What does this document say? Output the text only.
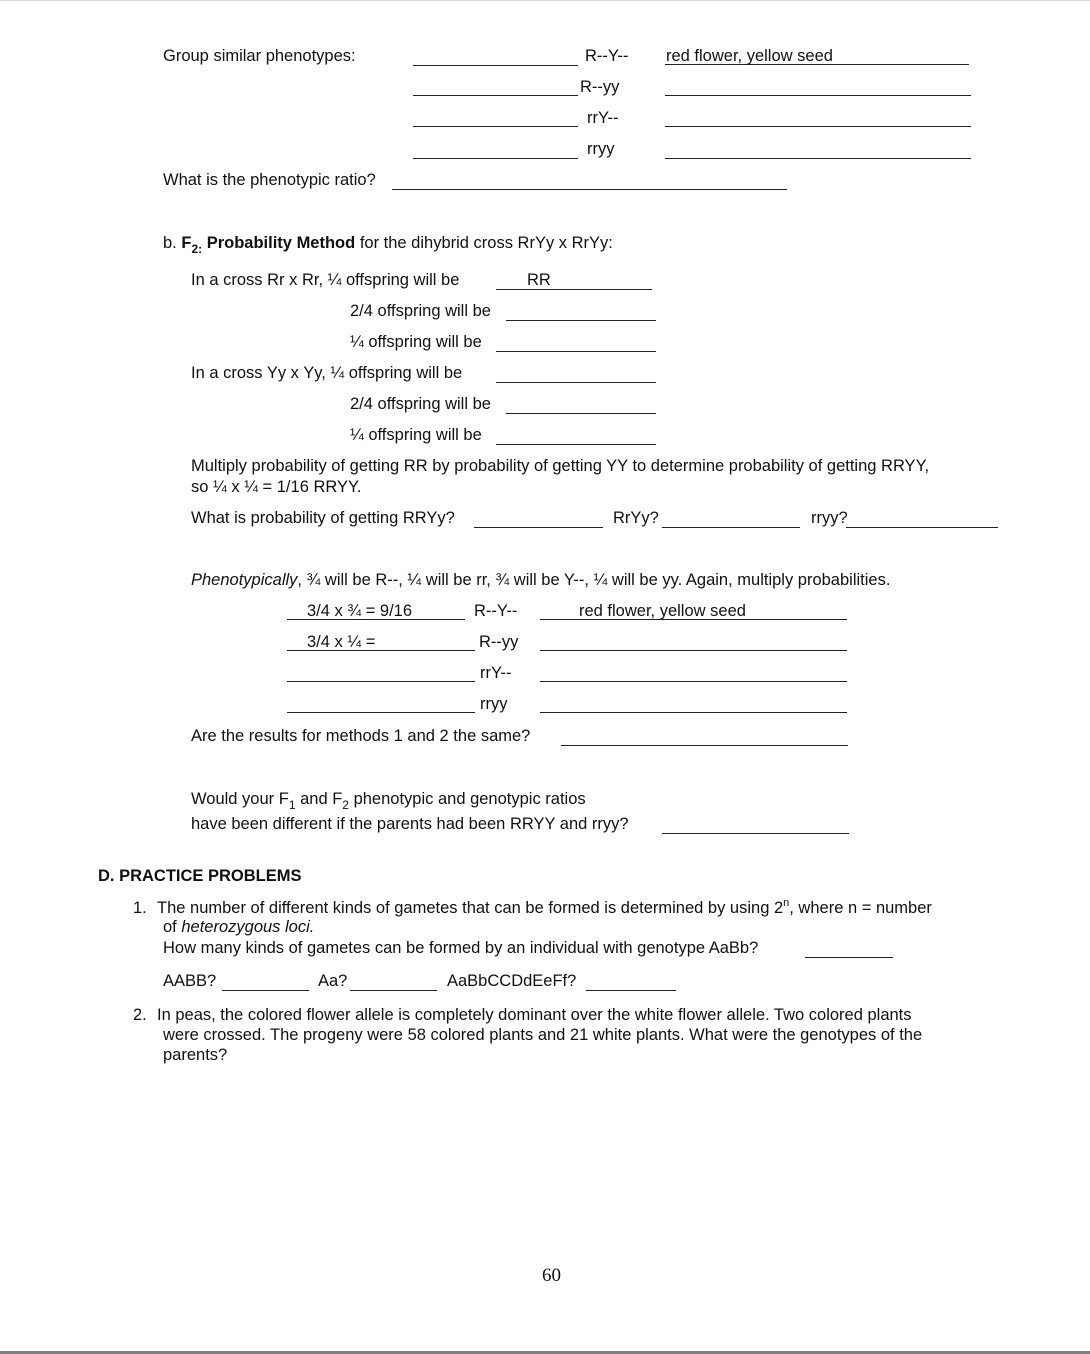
Group similar phenotypes:	R--Y-- red flower, yellow seed
R--yy
rrY--
rryy
What is the phenotypic ratio?
b. $F_{2:}$ Probability Method for the dihybrid cross RrYy x RrYy:
In a cross Rr x Rr, ¼ offspring will be	RR
2/4 offspring will be
¼ offspring will be
In a cross Yy x Yy, ¼ offspring will be
2/4 offspring will be
¼ offspring will be
Multiply probability of getting RR by probability of getting YY to determine probability of getting RRYY,
so ¼ x ¼ = 1/16 RRYY.
What is probability of getting RRYy?	RrYy?	rryy?
Phenotypically, ¾ will be R--, ¼ will be rr, ¾ will be Y--, ¼ will be yy. Again, multiply probabilities.
3/4 x ¾ = 9/16	R--Y--	red flower, yellow seed
3/4 x ¼ =	R--yy
rrY--
rryy
Are the results for methods 1 and 2 the same?
Would your $F_1$ and $F_2$ phenotypic and genotypic ratios
have been different if the parents had been RRYY and rryy?
D. PRACTICE PROBLEMS
1. The number of different kinds of gametes that can be formed is determined by using 2$^n$, where n = number
of heterozygous loci.
How many kinds of gametes can be formed by an individual with genotype AaBb?
AABB?	Aa?	AaBbCCDdEeFf?
2. In peas, the colored flower allele is completely dominant over the white flower allele. Two colored plants
were crossed. The progeny were 58 colored plants and 21 white plants. What were the genotypes of the
parents?
60
